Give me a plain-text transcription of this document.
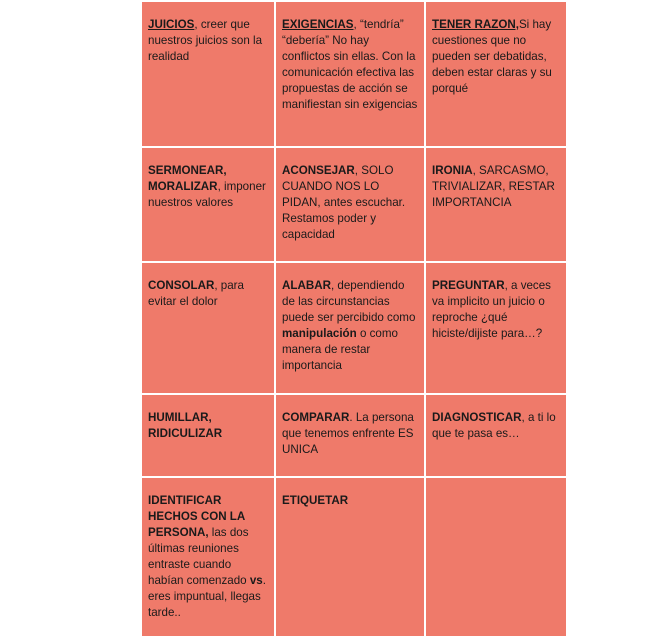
JUICIOS, creer que nuestros juicios son la realidad	EXIGENCIAS, “tendría” “debería” No hay conflictos sin ellas. Con la comunicación efectiva las propuestas de acción se manifiestan sin exigencias	TENER RAZON,Si hay cuestiones que no pueden ser debatidas, deben estar claras y su porqué
SERMONEAR, MORALIZAR, imponer nuestros valores	ACONSEJAR, SOLO CUANDO NOS LO PIDAN, antes escuchar. Restamos poder y capacidad	IRONIA, SARCASMO, TRIVIALIZAR, RESTAR IMPORTANCIA
CONSOLAR, para evitar el dolor	ALABAR, dependiendo de las circunstancias puede ser percibido como manipulación o como manera de restar importancia	PREGUNTAR, a veces va implicito un juicio o reproche ¿qué hiciste/dijiste para…?
HUMILLAR, RIDICULIZAR	COMPARAR. La persona que tenemos enfrente ES UNICA	DIAGNOSTICAR, a ti lo que te pasa es…
IDENTIFICAR HECHOS CON LA PERSONA, las dos últimas reuniones entraste cuando habían comenzado vs. eres impuntual, llegas tarde..	ETIQUETAR	
